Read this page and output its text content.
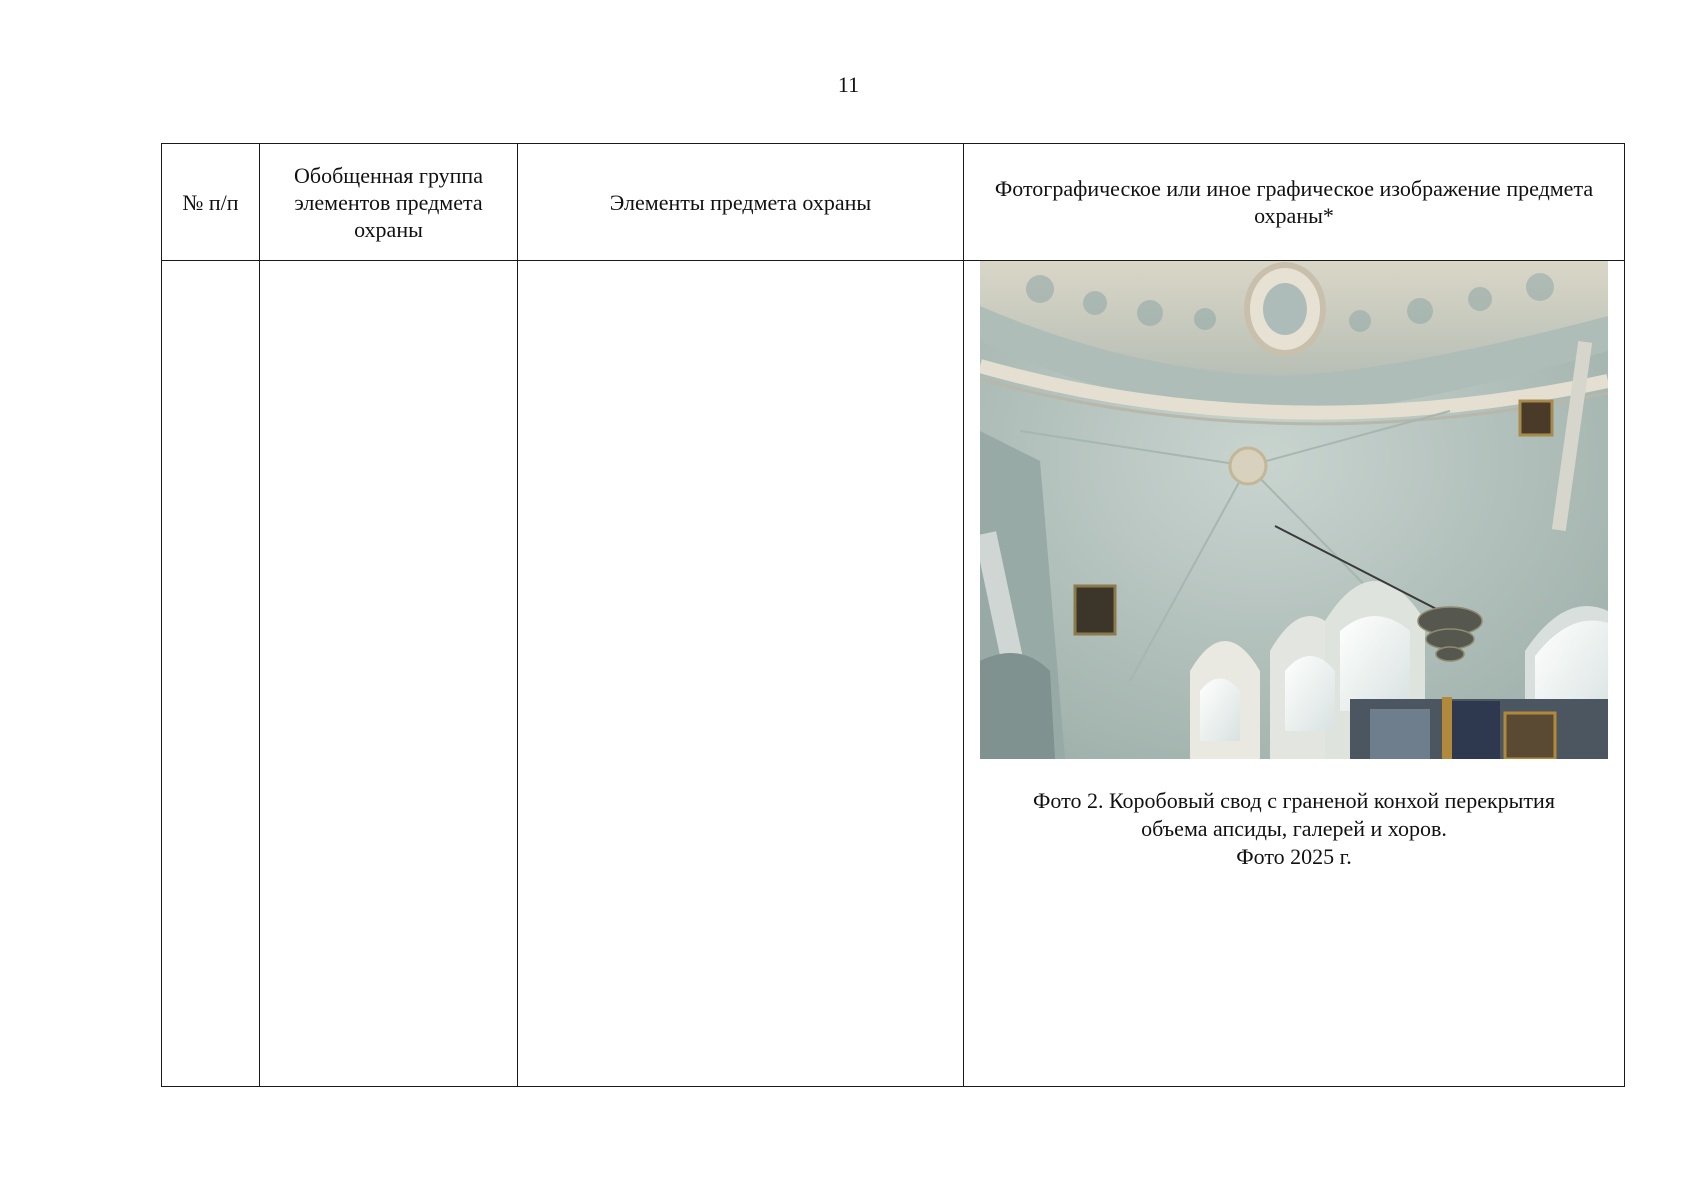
11
№ п/п	Обобщенная группа элементов предмета охраны	Элементы предмета охраны	Фотографическое или иное графическое изображение предмета охраны*

			Фото 2. Коробовый свод с граненой конхой перекрытия
объема апсиды, галерей и хоров.
Фото 2025 г.
